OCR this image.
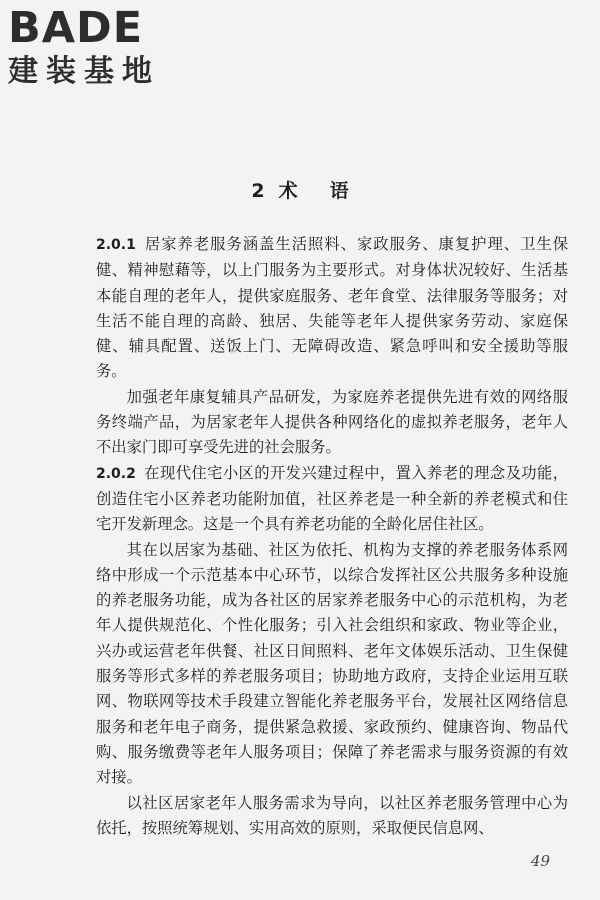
BADE
建装基地
2 术 语

2.0.1 居家养老服务涵盖生活照料、家政服务、康复护理、卫生保健、精神慰藉等，以上门服务为主要形式。对身体状况较好、生活基本能自理的老年人，提供家庭服务、老年食堂、法律服务等服务；对生活不能自理的高龄、独居、失能等老年人提供家务劳动、家庭保健、辅具配置、送饭上门、无障碍改造、紧急呼叫和安全援助等服务。

加强老年康复辅具产品研发，为家庭养老提供先进有效的网络服务终端产品，为居家老年人提供各种网络化的虚拟养老服务，老年人不出家门即可享受先进的社会服务。

2.0.2 在现代住宅小区的开发兴建过程中，置入养老的理念及功能，创造住宅小区养老功能附加值，社区养老是一种全新的养老模式和住宅开发新理念。这是一个具有养老功能的全龄化居住社区。

其在以居家为基础、社区为依托、机构为支撑的养老服务体系网络中形成一个示范基本中心环节，以综合发挥社区公共服务多种设施的养老服务功能，成为各社区的居家养老服务中心的示范机构，为老年人提供规范化、个性化服务；引入社会组织和家政、物业等企业，兴办或运营老年供餐、社区日间照料、老年文体娱乐活动、卫生保健服务等形式多样的养老服务项目；协助地方政府，支持企业运用互联网、物联网等技术手段建立智能化养老服务平台，发展社区网络信息服务和老年电子商务，提供紧急救援、家政预约、健康咨询、物品代购、服务缴费等老年人服务项目；保障了养老需求与服务资源的有效对接。

以社区居家老年人服务需求为导向，以社区养老服务管理中心为依托，按照统筹规划、实用高效的原则，采取便民信息网、

49
